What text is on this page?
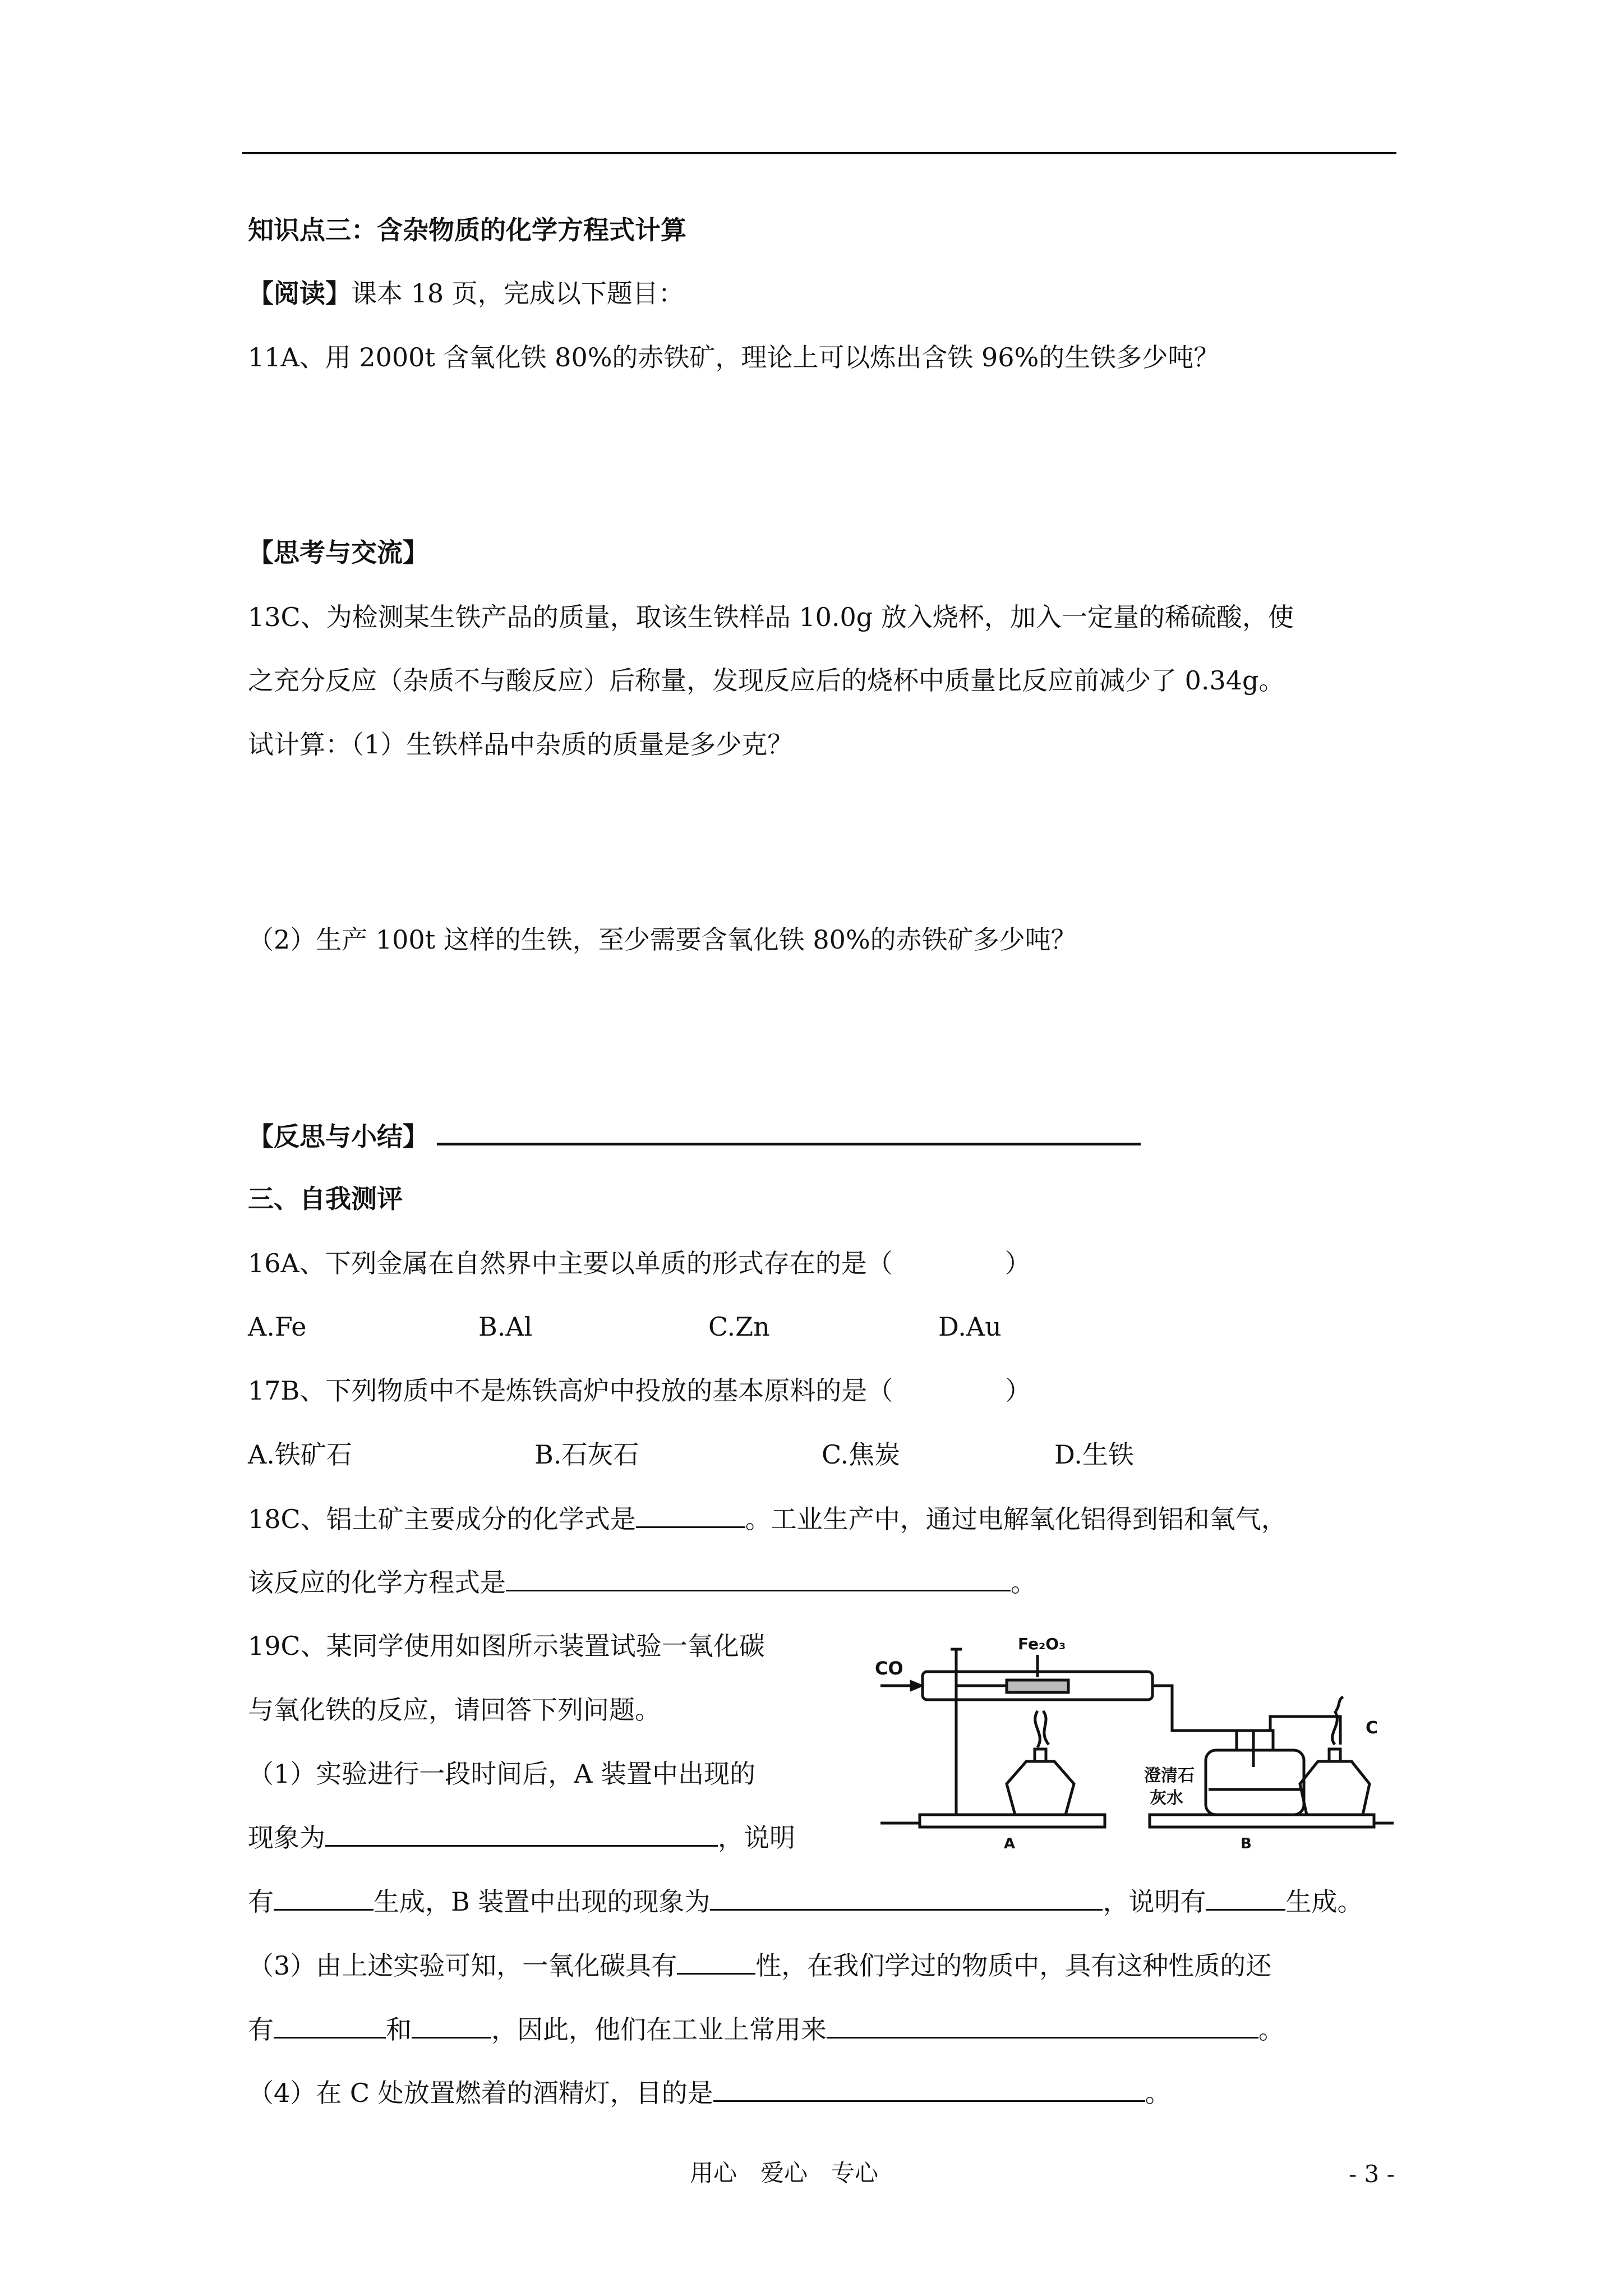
知识点三：含杂物质的化学方程式计算
【阅读】课本 18 页，完成以下题目：
11A、用 2000t 含氧化铁 80%的赤铁矿，理论上可以炼出含铁 96%的生铁多少吨？
【思考与交流】
13C、为检测某生铁产品的质量，取该生铁样品 10.0g 放入烧杯，加入一定量的稀硫酸，使
之充分反应（杂质不与酸反应）后称量，发现反应后的烧杯中质量比反应前减少了 0.34g。
试计算：（1）生铁样品中杂质的质量是多少克？
（2）生产 100t 这样的生铁，至少需要含氧化铁 80%的赤铁矿多少吨？
【反思与小结】
三、自我测评
16A、下列金属在自然界中主要以单质的形式存在的是（	）
A.Fe	B.Al	C.Zn	D.Au
17B、下列物质中不是炼铁高炉中投放的基本原料的是（	）
A.铁矿石	B.石灰石	C.焦炭	D.生铁
18C、铝土矿主要成分的化学式是	。工业生产中，通过电解氧化铝得到铝和氧气，
该反应的化学方程式是	。
19C、某同学使用如图所示装置试验一氧化碳
与氧化铁的反应，请回答下列问题。
（1）实验进行一段时间后，A 装置中出现的
现象为	，说明
有	生成，B 装置中出现的现象为	，说明有	生成。
（3）由上述实验可知，一氧化碳具有	性，在我们学过的物质中，具有这种性质的还
有	和	，因此，他们在工业上常用来	。
（4）在 C 处放置燃着的酒精灯，目的是	。
CO
Fe₂O₃
澄清石
灰水
A	B
C
用心　爱心　专心	- 3 -
